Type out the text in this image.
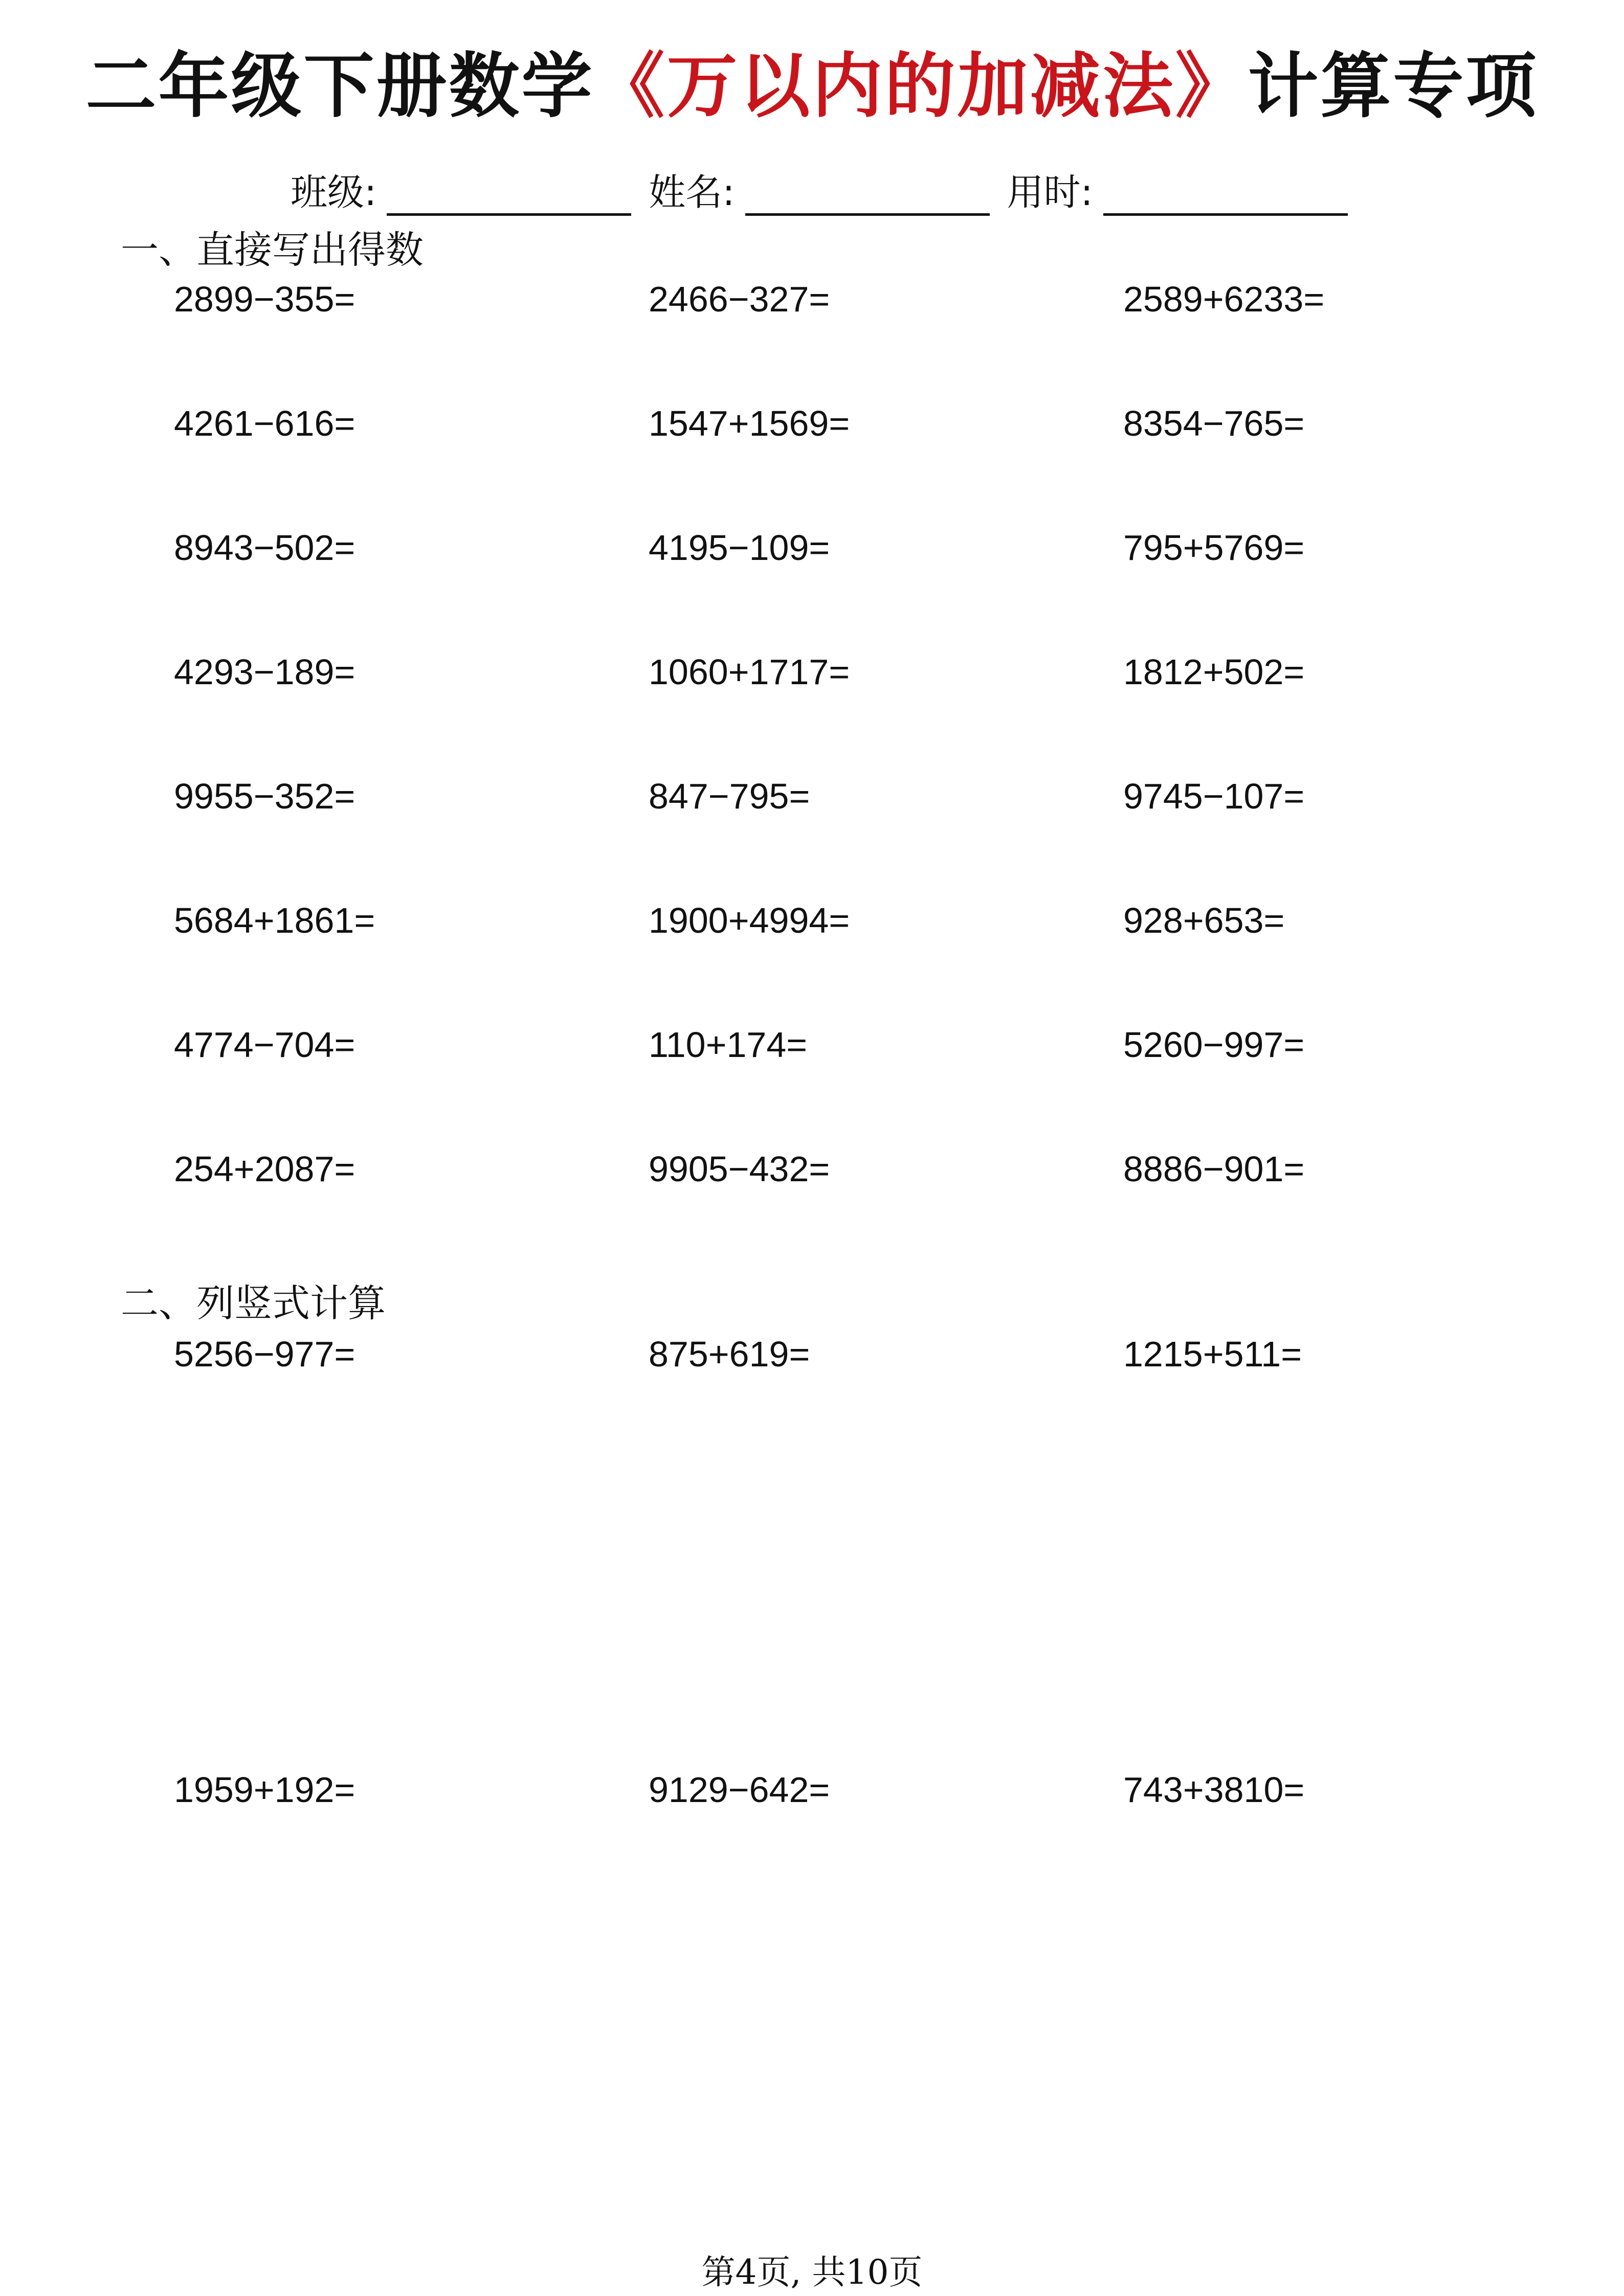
二年级下册数学《万以内的加减法》计算专项
班级:	姓名:	用时:
一、直接写出得数
2899−355=	2466−327=	2589+6233=
4261−616=	1547+1569=	8354−765=
8943−502=	4195−109=	795+5769=
4293−189=	1060+1717=	1812+502=
9955−352=	847−795=	9745−107=
5684+1861=	1900+4994=	928+653=
4774−704=	110+174=	5260−997=
254+2087=	9905−432=	8886−901=
二、列竖式计算
5256−977=	875+619=	1215+511=
1959+192=	9129−642=	743+3810=
第4页, 共10页
